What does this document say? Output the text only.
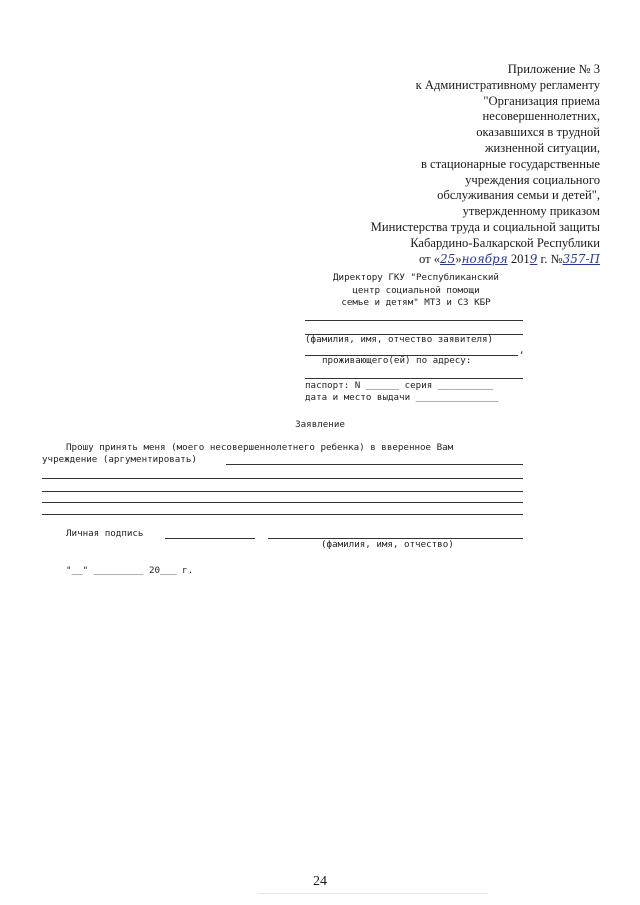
Приложение № 3
к Административному регламенту
"Организация приема
несовершеннолетних,
оказавшихся в трудной
жизненной ситуации,
в стационарные государственные
учреждения социального
обслуживания семьи и детей",
утвержденному приказом
Министерства труда и социальной защиты
Кабардино-Балкарской Республики
от «25»ноября 2019 г. №357-П
Директору ГКУ "Республиканский
центр социальной помощи
семье и детям" МТЗ и СЗ КБР
(фамилия, имя, отчество заявителя)
,
проживающего(ей) по адресу:
паспорт: N ______ серия __________
дата и место выдачи _______________
Заявление
Прошу принять меня (моего несовершеннолетнего ребенка) в вверенное Вам
учреждение (аргументировать)
Личная подпись
(фамилия, имя, отчество)
"__" _________ 20___ г.
24
